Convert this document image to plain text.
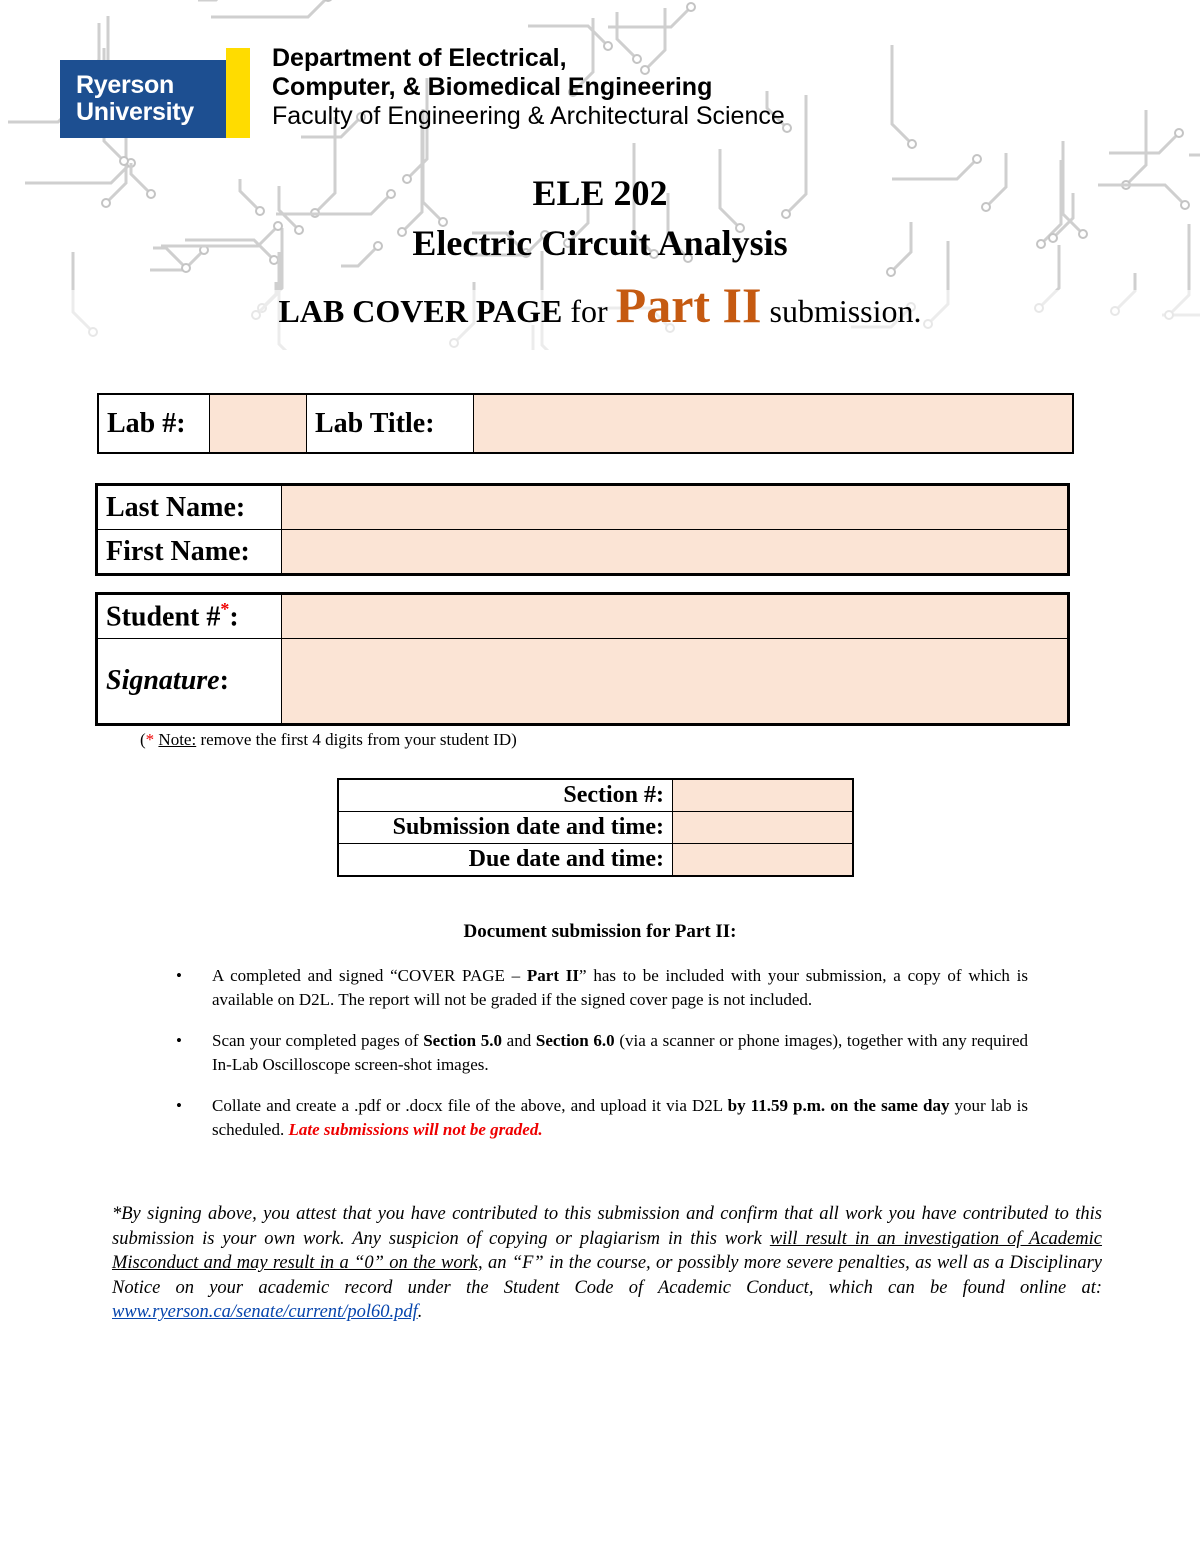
Ryerson
University
Department of Electrical,
Computer, & Biomedical Engineering
Faculty of Engineering & Architectural Science
ELE 202
Electric Circuit Analysis
LAB COVER PAGE for Part II submission.
Lab #:		Lab Title:	
Last Name:	
First Name:	
Student #*:	
Signature:	
(* Note: remove the first 4 digits from your student ID)
Section #:	
Submission date and time:	
Due date and time:	
Document submission for Part II:
• A completed and signed “COVER PAGE – Part II” has to be included with your submission, a copy of which is available on D2L. The report will not be graded if the signed cover page is not included.
• Scan your completed pages of Section 5.0 and Section 6.0 (via a scanner or phone images), together with any required In-Lab Oscilloscope screen-shot images.
• Collate and create a .pdf or .docx file of the above, and upload it via D2L by 11.59 p.m. on the same day your lab is scheduled. Late submissions will not be graded.
*By signing above, you attest that you have contributed to this submission and confirm that all work you have contributed to this submission is your own work. Any suspicion of copying or plagiarism in this work will result in an investigation of Academic Misconduct and may result in a “0” on the work, an “F” in the course, or possibly more severe penalties, as well as a Disciplinary Notice on your academic record under the Student Code of Academic Conduct, which can be found online at: www.ryerson.ca/senate/current/pol60.pdf.
